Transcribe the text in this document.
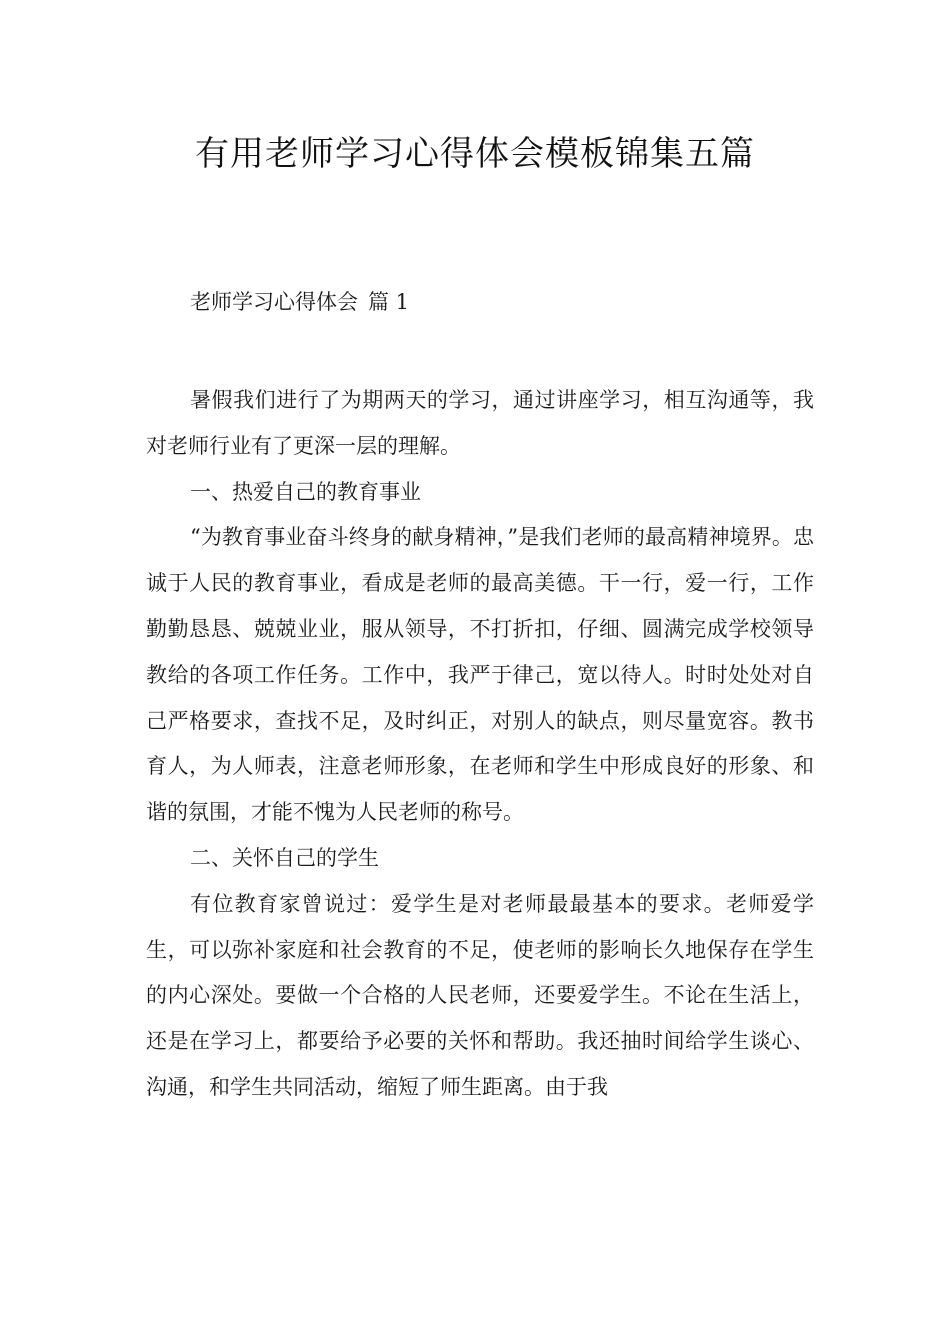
有用老师学习心得体会模板锦集五篇
老师学习心得体会 篇 1

暑假我们进行了为期两天的学习，通过讲座学习，相互沟通等，我对老师行业有了更深一层的理解。

一、热爱自己的教育事业

“为教育事业奋斗终身的献身精神，”是我们老师的最高精神境界。忠诚于人民的教育事业，看成是老师的最高美德。干一行，爱一行，工作勤勤恳恳、兢兢业业，服从领导，不打折扣，仔细、圆满完成学校领导教给的各项工作任务。工作中，我严于律己，宽以待人。时时处处对自己严格要求，查找不足，及时纠正，对别人的缺点，则尽量宽容。教书育人，为人师表，注意老师形象，在老师和学生中形成良好的形象、和谐的氛围，才能不愧为人民老师的称号。

二、关怀自己的学生

有位教育家曾说过：爱学生是对老师最最基本的要求。老师爱学生，可以弥补家庭和社会教育的不足，使老师的影响长久地保存在学生的内心深处。要做一个合格的人民老师，还要爱学生。不论在生活上，还是在学习上，都要给予必要的关怀和帮助。我还抽时间给学生谈心、沟通，和学生共同活动，缩短了师生距离。由于我
